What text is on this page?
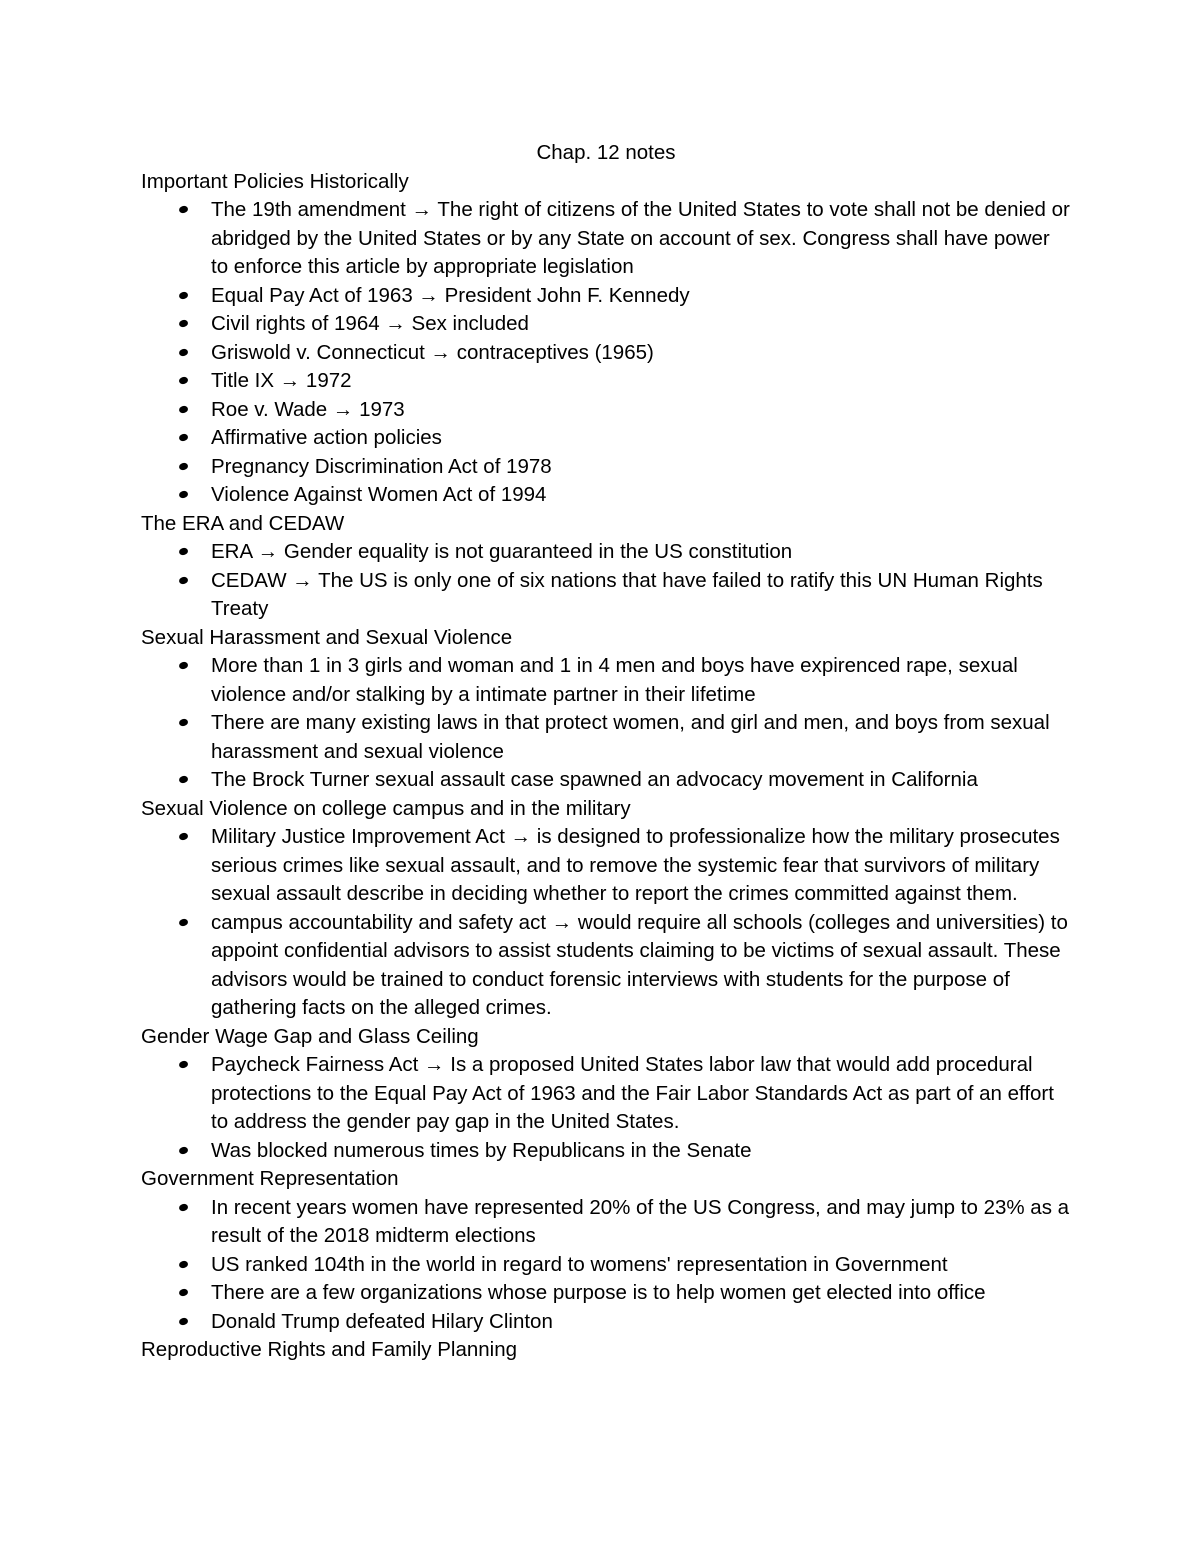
Chap. 12 notes
Important Policies Historically
The 19th amendment → The right of citizens of the United States to vote shall not be denied or abridged by the United States or by any State on account of sex. Congress shall have power to enforce this article by appropriate legislation
Equal Pay Act of 1963 → President John F. Kennedy
Civil rights of 1964 → Sex included
Griswold v. Connecticut → contraceptives (1965)
Title IX → 1972
Roe v. Wade → 1973
Affirmative action policies
Pregnancy Discrimination Act of 1978
Violence Against Women Act of 1994
The ERA and CEDAW
ERA → Gender equality is not guaranteed in the US constitution
CEDAW → The US is only one of six nations that have failed to ratify this UN Human Rights Treaty
Sexual Harassment and Sexual Violence
More than 1 in 3 girls and woman and 1 in 4 men and boys have expirenced rape, sexual violence and/or stalking by a intimate partner in their lifetime
There are many existing laws in that protect women, and girl and men, and boys from sexual harassment and sexual violence
The Brock Turner sexual assault case spawned an advocacy movement in California
Sexual Violence on college campus and in the military
Military Justice Improvement Act → is designed to professionalize how the military prosecutes serious crimes like sexual assault, and to remove the systemic fear that survivors of military sexual assault describe in deciding whether to report the crimes committed against them.
campus accountability and safety act → would require all schools (colleges and universities) to appoint confidential advisors to assist students claiming to be victims of sexual assault. These advisors would be trained to conduct forensic interviews with students for the purpose of gathering facts on the alleged crimes.
Gender Wage Gap and Glass Ceiling
Paycheck Fairness Act → Is a proposed United States labor law that would add procedural protections to the Equal Pay Act of 1963 and the Fair Labor Standards Act as part of an effort to address the gender pay gap in the United States.
Was blocked numerous times by Republicans in the Senate
Government Representation
In recent years women have represented 20% of the US Congress, and may jump to 23% as a result of the 2018 midterm elections
US ranked 104th in the world in regard to womens' representation in Government
There are a few organizations whose purpose is to help women get elected into office
Donald Trump defeated Hilary Clinton
Reproductive Rights and Family Planning
